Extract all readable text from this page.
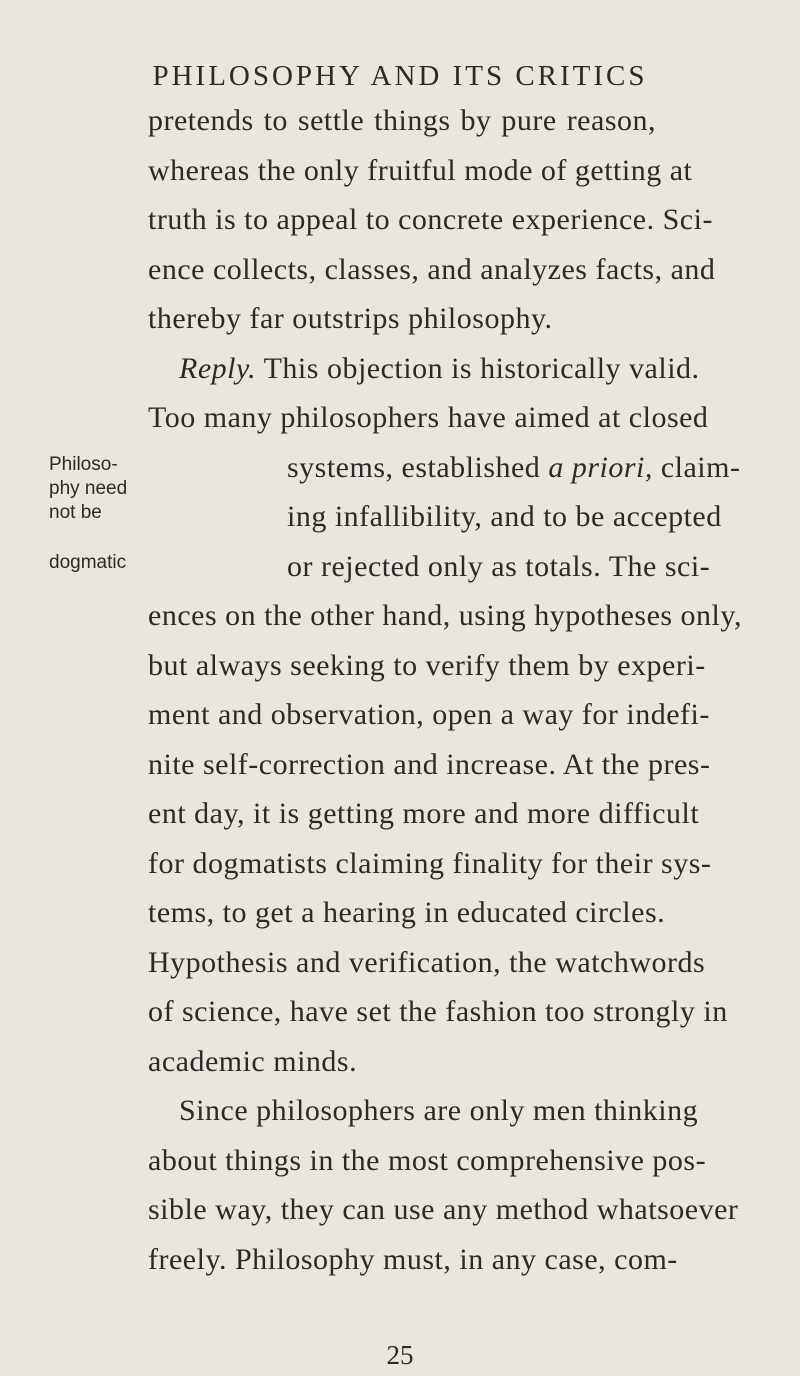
PHILOSOPHY AND ITS CRITICS
pretends to settle things by pure reason,
whereas the only fruitful mode of getting at
truth is to appeal to concrete experience. Sci-
ence collects, classes, and analyzes facts, and
thereby far outstrips philosophy.
Reply. This objection is historically valid.
Too many philosophers have aimed at closed
systems, established a priori, claim-
ing infallibility, and to be accepted
or rejected only as totals. The sci-
Philoso-
phy need
not be
dogmatic
ences on the other hand, using hypotheses only,
but always seeking to verify them by experi-
ment and observation, open a way for indefi-
nite self-correction and increase. At the pres-
ent day, it is getting more and more difficult
for dogmatists claiming finality for their sys-
tems, to get a hearing in educated circles.
Hypothesis and verification, the watchwords
of science, have set the fashion too strongly in
academic minds.
25
Since philosophers are only men thinking
about things in the most comprehensive pos-
sible way, they can use any method whatsoever
freely. Philosophy must, in any case, com-
